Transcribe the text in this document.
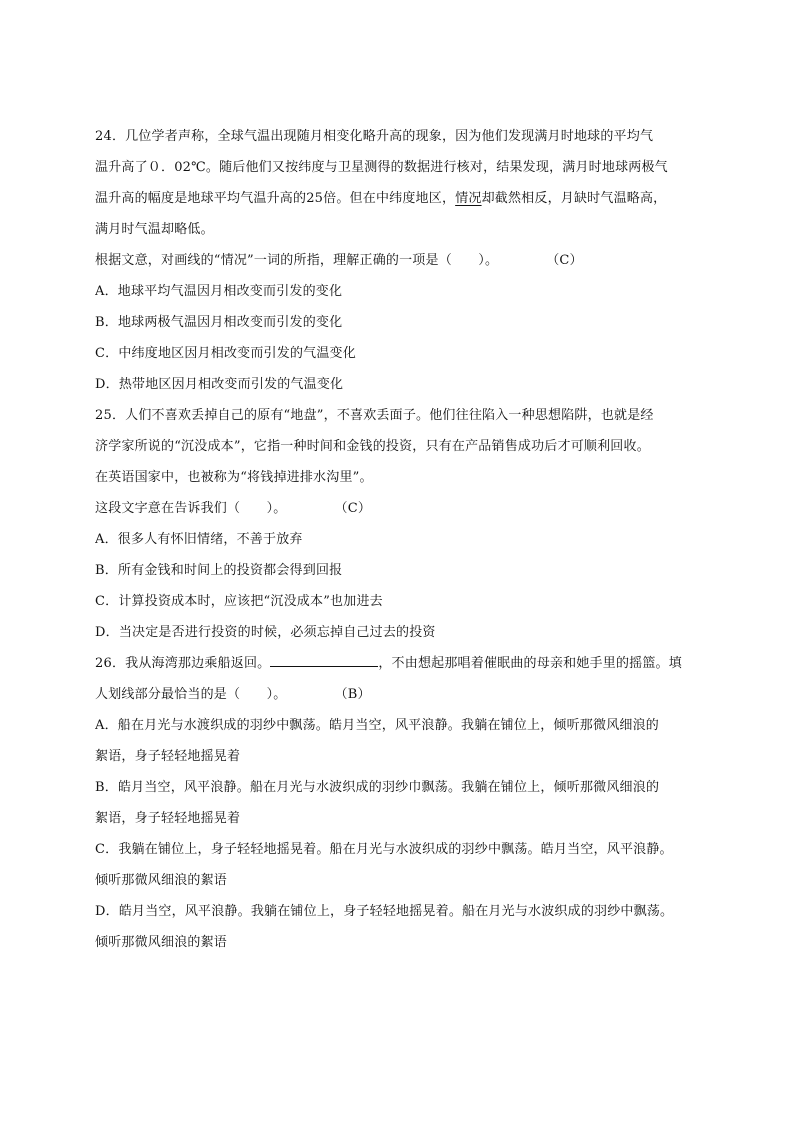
24．几位学者声称，全球气温出现随月相变化略升高的现象，因为他们发现满月时地球的平均气
温升高了０．02℃。随后他们又按纬度与卫星测得的数据进行核对，结果发现，满月时地球两极气
温升高的幅度是地球平均气温升高的25倍。但在中纬度地区，情况却截然相反，月缺时气温略高，
满月时气温却略低。
根据文意，对画线的“情况”一词的所指，理解正确的一项是（　　）。	（C）
A．地球平均气温因月相改变而引发的变化
B．地球两极气温因月相改变而引发的变化
C．中纬度地区因月相改变而引发的气温变化
D．热带地区因月相改变而引发的气温变化
25．人们不喜欢丢掉自己的原有“地盘”，不喜欢丢面子。他们往往陷入一种思想陷阱，也就是经
济学家所说的“沉没成本”，它指一种时间和金钱的投资，只有在产品销售成功后才可顺利回收。
在英语国家中，也被称为“将钱掉进排水沟里”。
这段文字意在告诉我们（　　）。	（C）
A．很多人有怀旧情绪，不善于放弃
B．所有金钱和时间上的投资都会得到回报
C．计算投资成本时，应该把“沉没成本”也加进去
D．当决定是否进行投资的时候，必须忘掉自己过去的投资
26．我从海湾那边乘船返回。	，不由想起那唱着催眠曲的母亲和她手里的摇篮。填
人划线部分最恰当的是（　　）。	（B）
A．船在月光与水渡织成的羽纱中飘荡。皓月当空，风平浪静。我躺在铺位上，倾听那微风细浪的
絮语，身子轻轻地摇晃着
B．皓月当空，风平浪静。船在月光与水波织成的羽纱巾飘荡。我躺在铺位上，倾听那微风细浪的
絮语，身子轻轻地摇晃着
C．我躺在铺位上，身子轻轻地摇晃着。船在月光与水波织成的羽纱中飘荡。皓月当空，风平浪静。
倾听那微风细浪的絮语
D．皓月当空，风平浪静。我躺在铺位上，身子轻轻地摇晃着。船在月光与水波织成的羽纱中飘荡。
倾听那微风细浪的絮语
